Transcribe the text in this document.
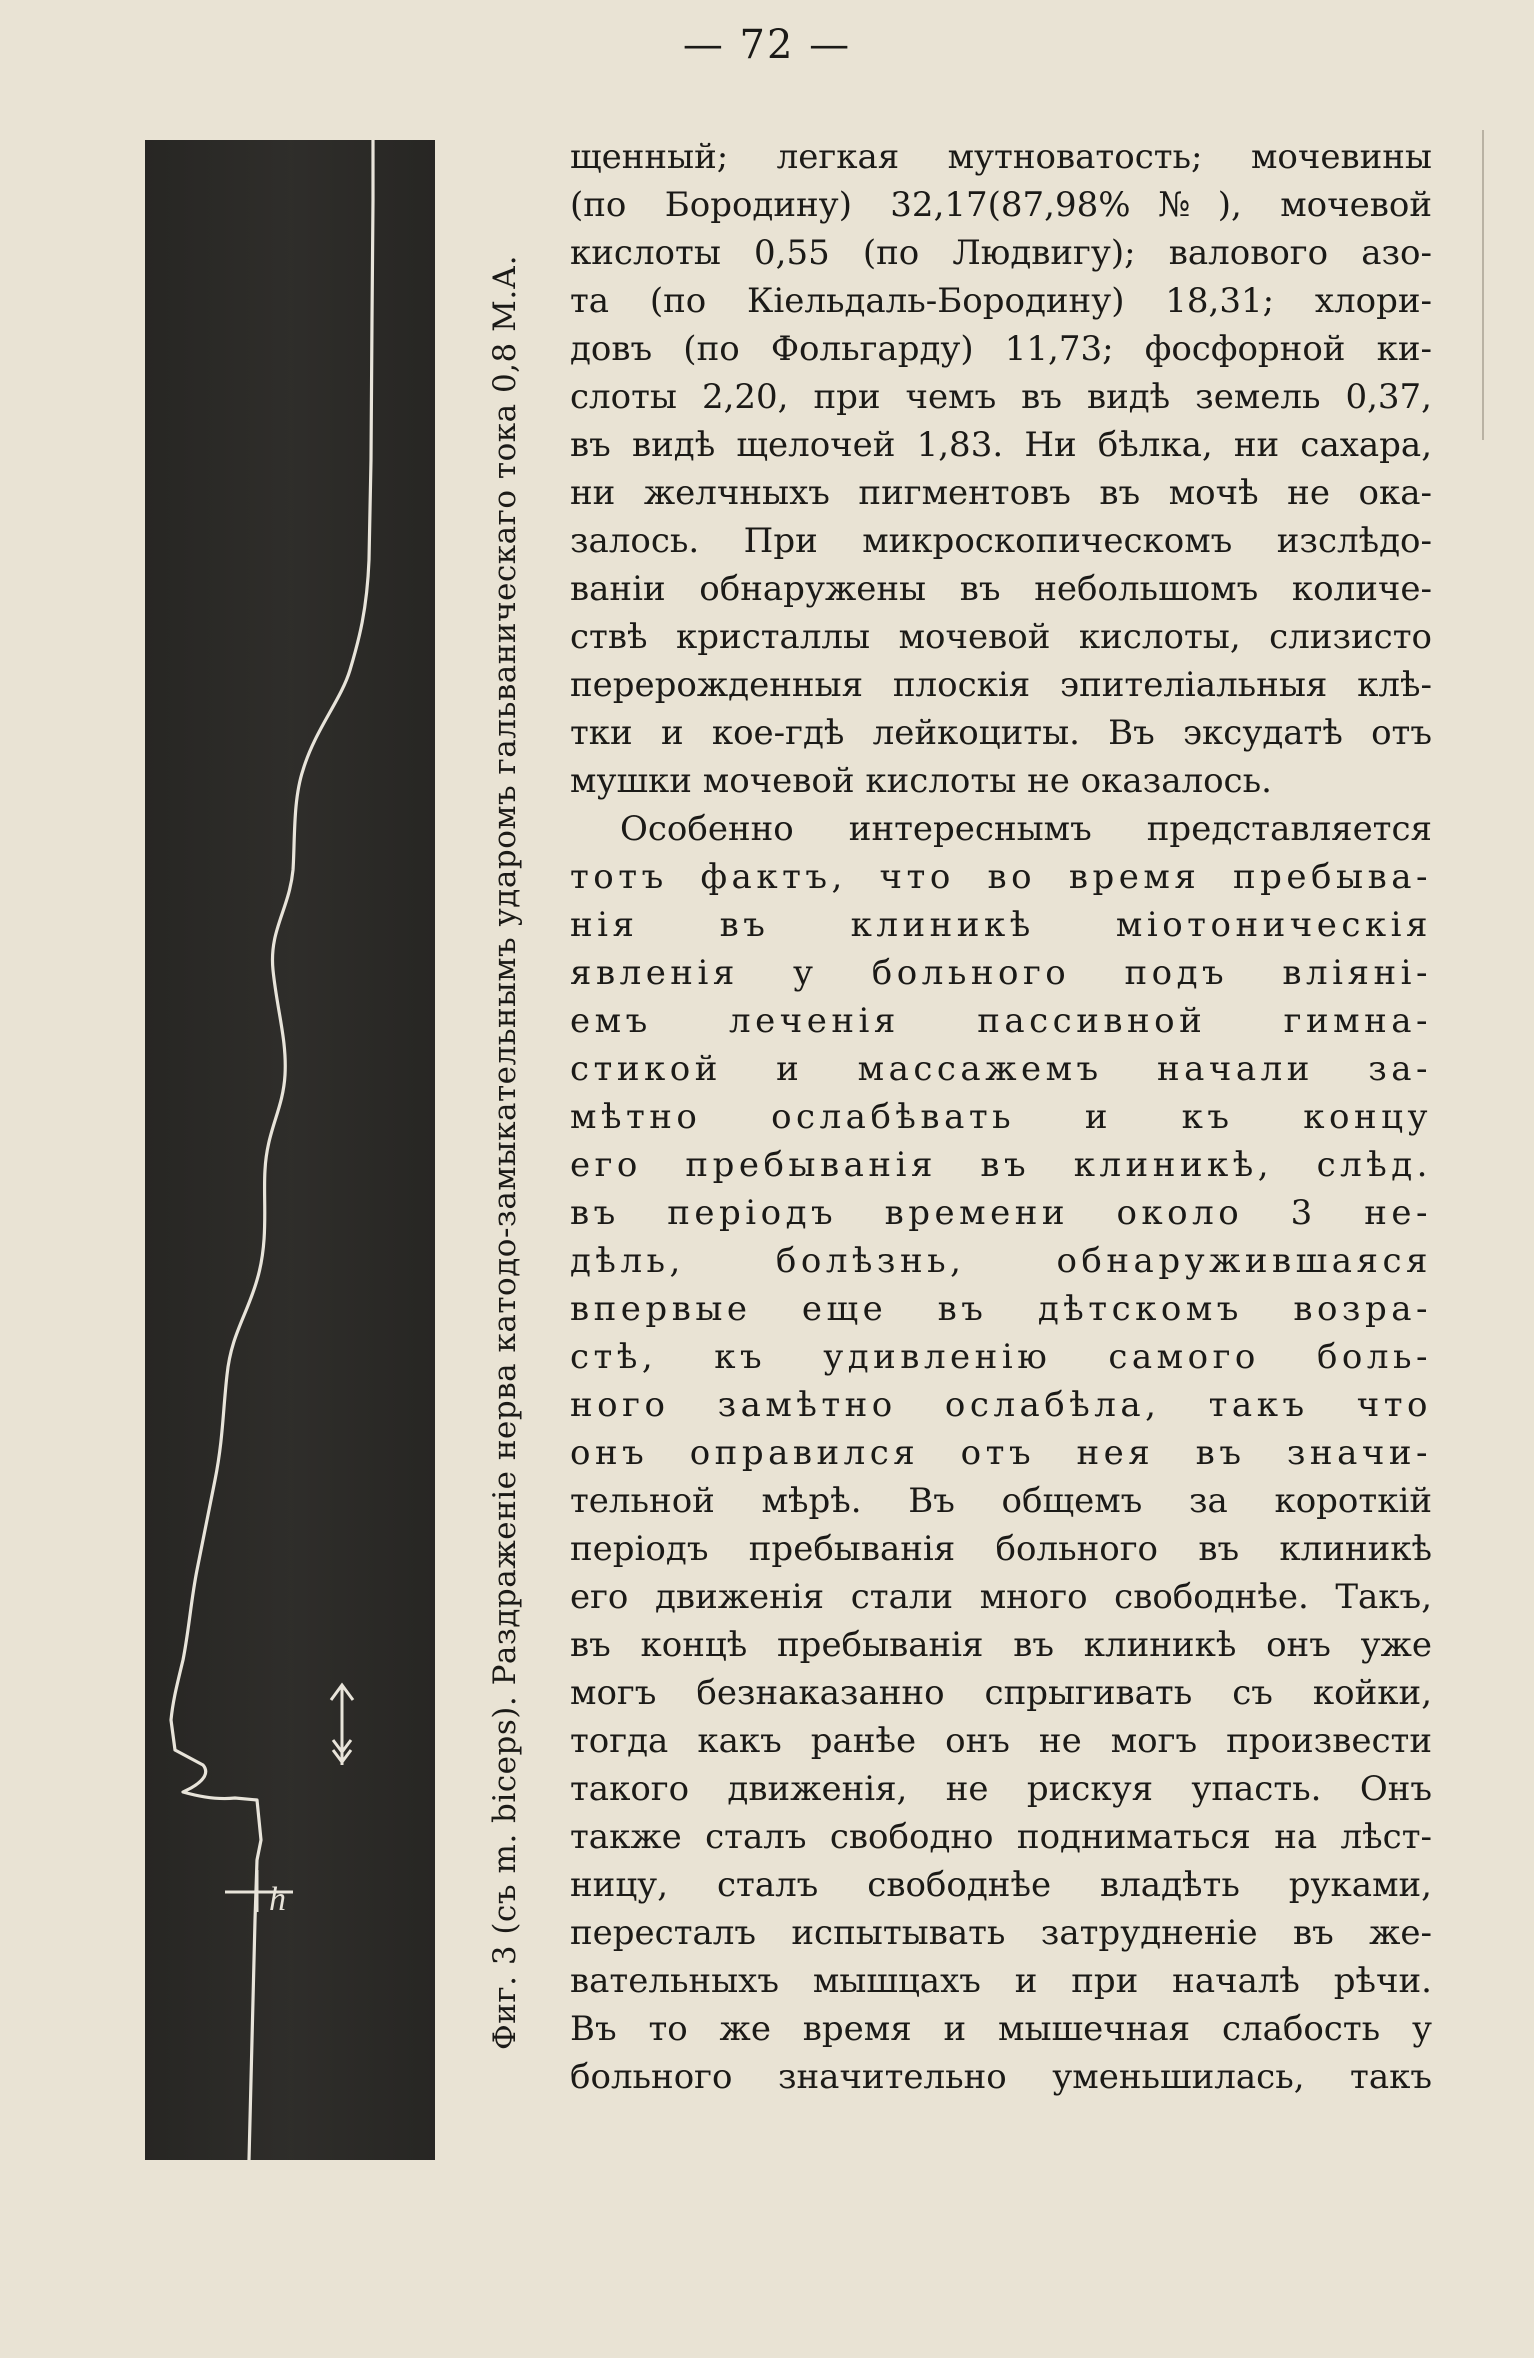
— 72 —
h	Фиг. 3 (съ m. biceps). Раздраженіе нерва катодо-замыкательнымъ ударомъ гальваническаго тока 0,8 М.А.
щенный; легкая мутноватость; мочевины
(по Бородину) 32,17(87,98%№), мочевой
кислоты 0,55 (по Людвигу); валового азо-
та (по Кіельдаль-Бородину) 18,31; хлори-
довъ (по Фольгарду) 11,73; фосфорной ки-
слоты 2,20, при чемъ въ видѣ земель 0,37,
въ видѣ щелочей 1,83. Ни бѣлка, ни сахара,
ни желчныхъ пигментовъ въ мочѣ не ока-
залось. При микроскопическомъ изслѣдо-
ваніи обнаружены въ небольшомъ количе-
ствѣ кристаллы мочевой кислоты, слизисто
перерожденныя плоскія эпителіальныя клѣ-
тки и кое-гдѣ лейкоциты. Въ эксудатѣ отъ
мушки мочевой кислоты не оказалось.
Особенно интереснымъ представляется
тотъ фактъ, что во время пребыва-
нія въ клиникѣ міотоническія
явленія у больного подъ вліяні-
емъ леченія пассивной гимна-
стикой и массажемъ начали за-
мѣтно ослабѣвать и къ концу
его пребыванія въ клиникѣ, слѣд.
въ періодъ времени около 3 не-
дѣль, болѣзнь, обнаружившаяся
впервые еще въ дѣтскомъ возра-
стѣ, къ удивленію самого боль-
ного замѣтно ослабѣла, такъ что
онъ оправился отъ нея въ значи-
тельной мѣрѣ. Въ общемъ за короткій
періодъ пребыванія больного въ клиникѣ
его движенія стали много свободнѣе. Такъ,
въ концѣ пребыванія въ клиникѣ онъ уже
могъ безнаказанно спрыгивать съ койки,
тогда какъ ранѣе онъ не могъ произвести
такого движенія, не рискуя упасть. Онъ
также сталъ свободно подниматься на лѣст-
ницу, сталъ свободнѣе владѣть руками,
пересталъ испытывать затрудненіе въ же-
вательныхъ мышцахъ и при началѣ рѣчи.
Въ то же время и мышечная слабость у
больного значительно уменьшилась, такъ
